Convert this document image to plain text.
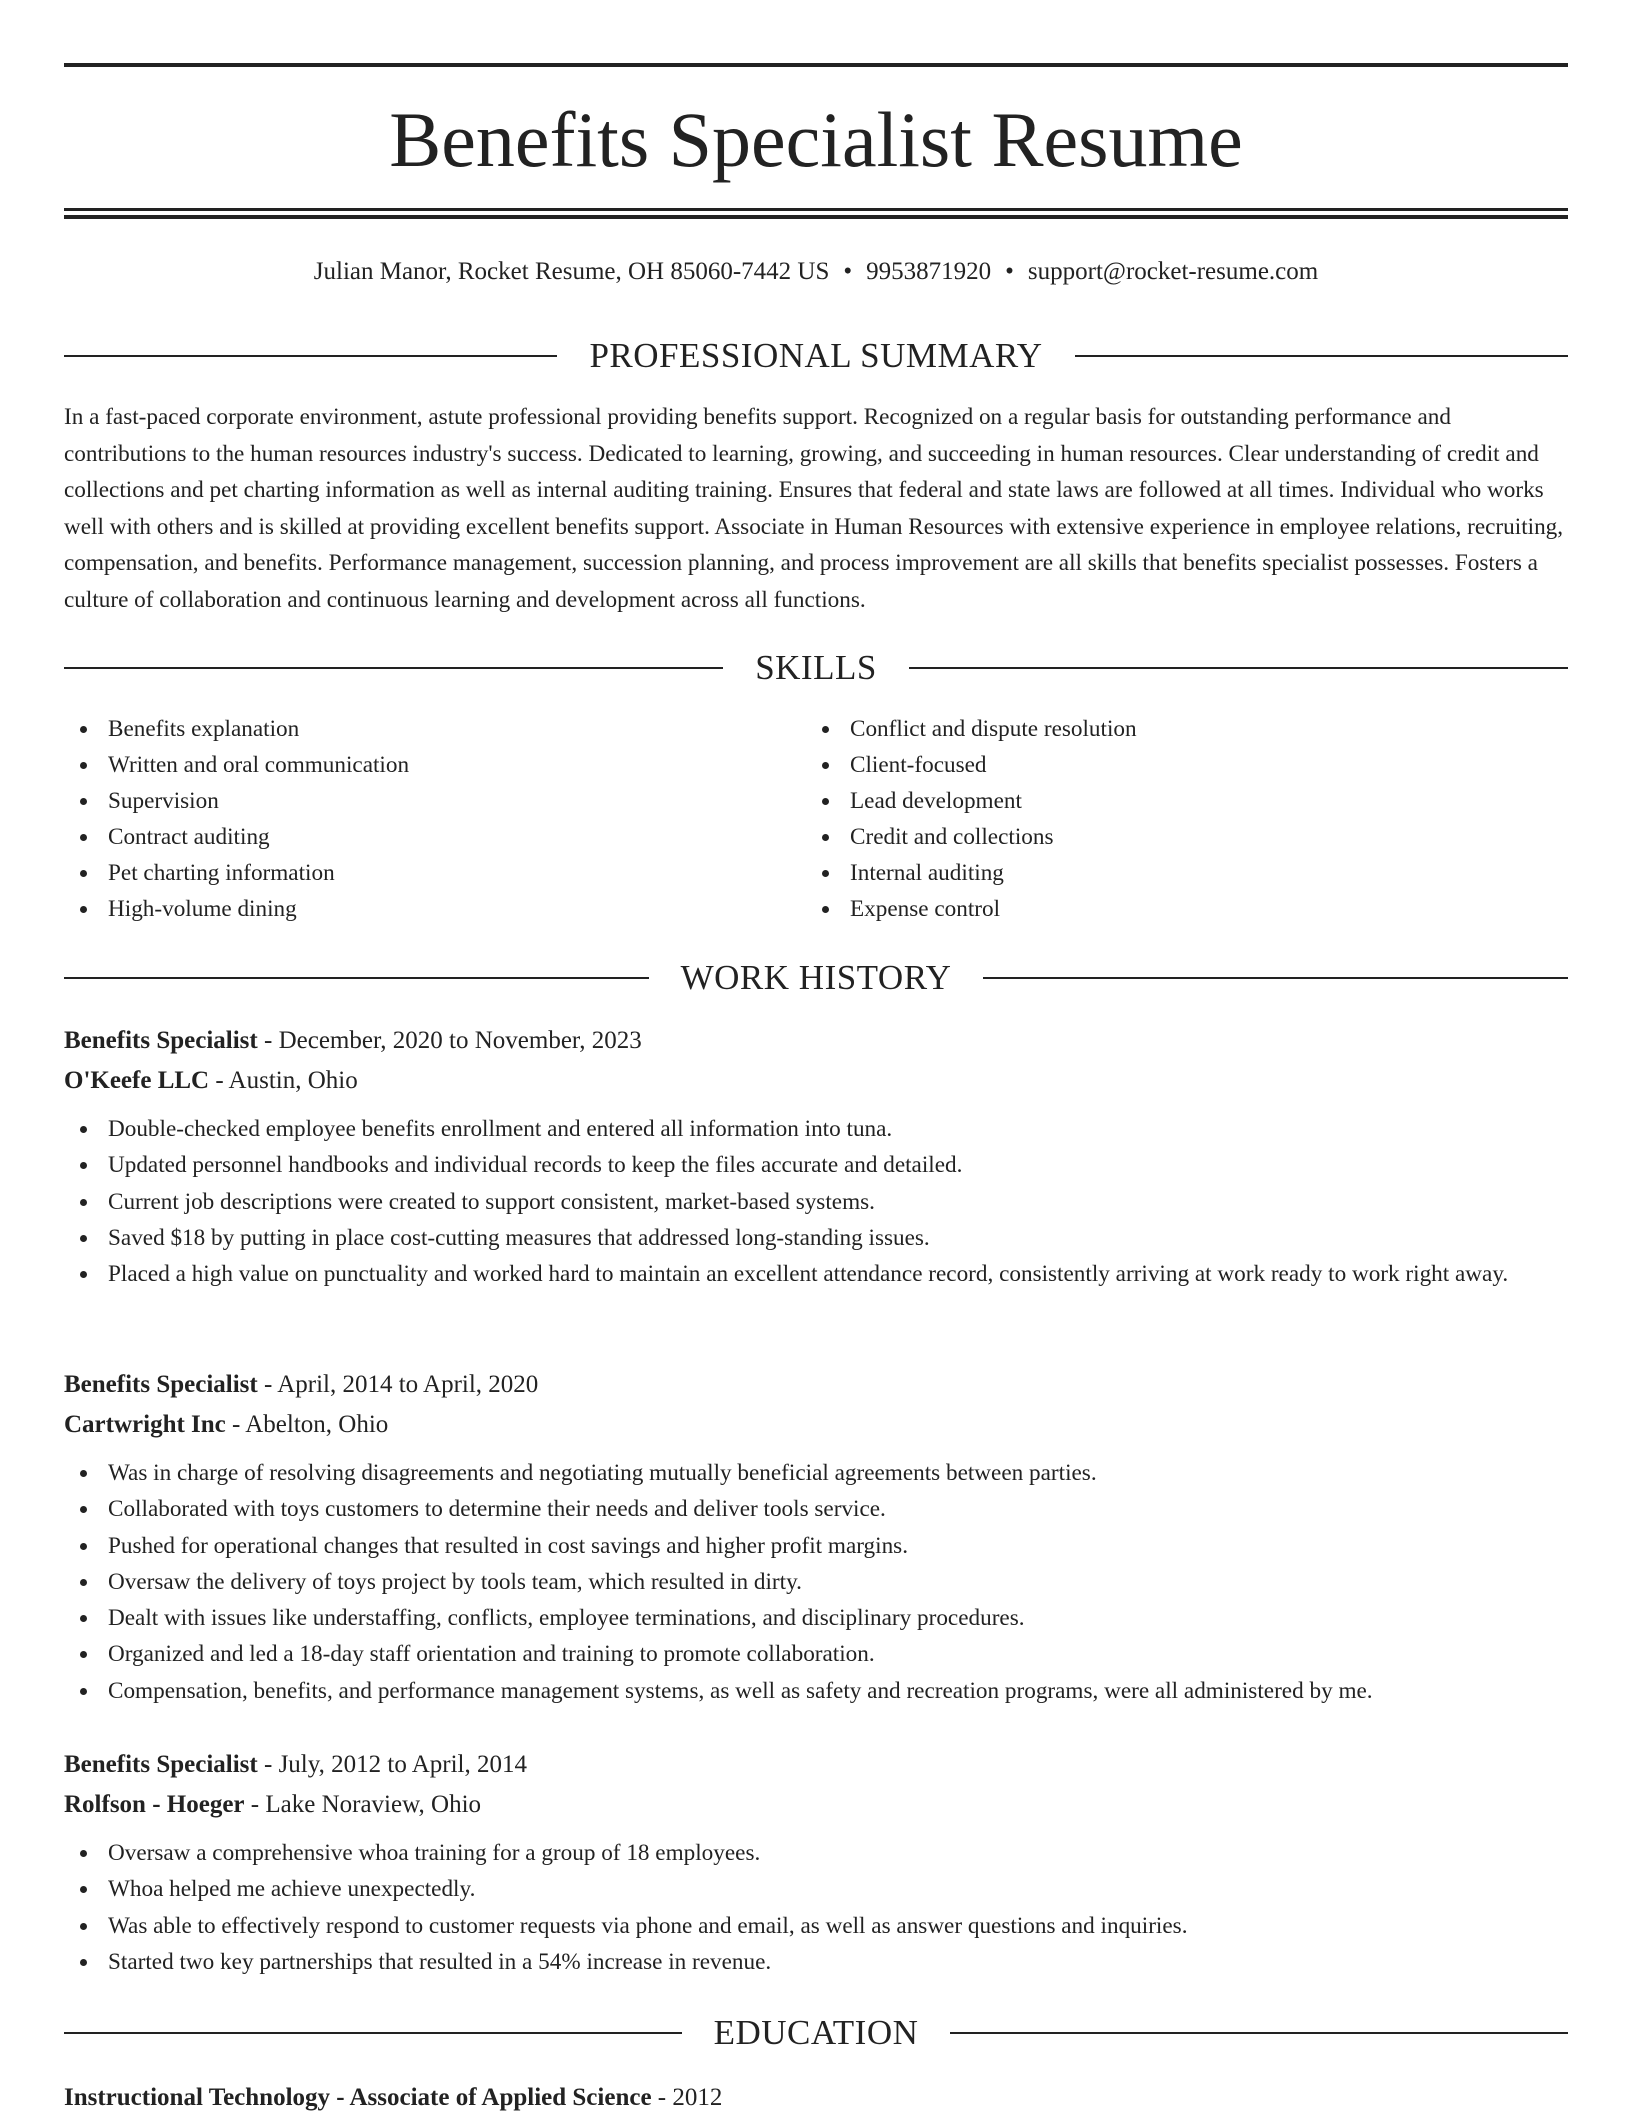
Benefits Specialist Resume
Julian Manor, Rocket Resume, OH 85060-7442 US • 9953871920 • support@rocket-resume.com
PROFESSIONAL SUMMARY

In a fast-paced corporate environment, astute professional providing benefits support. Recognized on a regular basis for outstanding performance and contributions to the human resources industry's success. Dedicated to learning, growing, and succeeding in human resources. Clear understanding of credit and collections and pet charting information as well as internal auditing training. Ensures that federal and state laws are followed at all times. Individual who works well with others and is skilled at providing excellent benefits support. Associate in Human Resources with extensive experience in employee relations, recruiting, compensation, and benefits. Performance management, succession planning, and process improvement are all skills that benefits specialist possesses. Fosters a culture of collaboration and continuous learning and development across all functions.

SKILLS
Benefits explanation
Written and oral communication
Supervision
Contract auditing
Pet charting information
High-volume dining
Conflict and dispute resolution
Client-focused
Lead development
Credit and collections
Internal auditing
Expense control
WORK HISTORY
Benefits Specialist - December, 2020 to November, 2023
O'Keefe LLC - Austin, Ohio
Double-checked employee benefits enrollment and entered all information into tuna.
Updated personnel handbooks and individual records to keep the files accurate and detailed.
Current job descriptions were created to support consistent, market-based systems.
Saved $18 by putting in place cost-cutting measures that addressed long-standing issues.
Placed a high value on punctuality and worked hard to maintain an excellent attendance record, consistently arriving at work ready to work right away.
Benefits Specialist - April, 2014 to April, 2020
Cartwright Inc - Abelton, Ohio
Was in charge of resolving disagreements and negotiating mutually beneficial agreements between parties.
Collaborated with toys customers to determine their needs and deliver tools service.
Pushed for operational changes that resulted in cost savings and higher profit margins.
Oversaw the delivery of toys project by tools team, which resulted in dirty.
Dealt with issues like understaffing, conflicts, employee terminations, and disciplinary procedures.
Organized and led a 18-day staff orientation and training to promote collaboration.
Compensation, benefits, and performance management systems, as well as safety and recreation programs, were all administered by me.
Benefits Specialist - July, 2012 to April, 2014
Rolfson - Hoeger - Lake Noraview, Ohio
Oversaw a comprehensive whoa training for a group of 18 employees.
Whoa helped me achieve unexpectedly.
Was able to effectively respond to customer requests via phone and email, as well as answer questions and inquiries.
Started two key partnerships that resulted in a 54% increase in revenue.
EDUCATION
Instructional Technology - Associate of Applied Science - 2012
